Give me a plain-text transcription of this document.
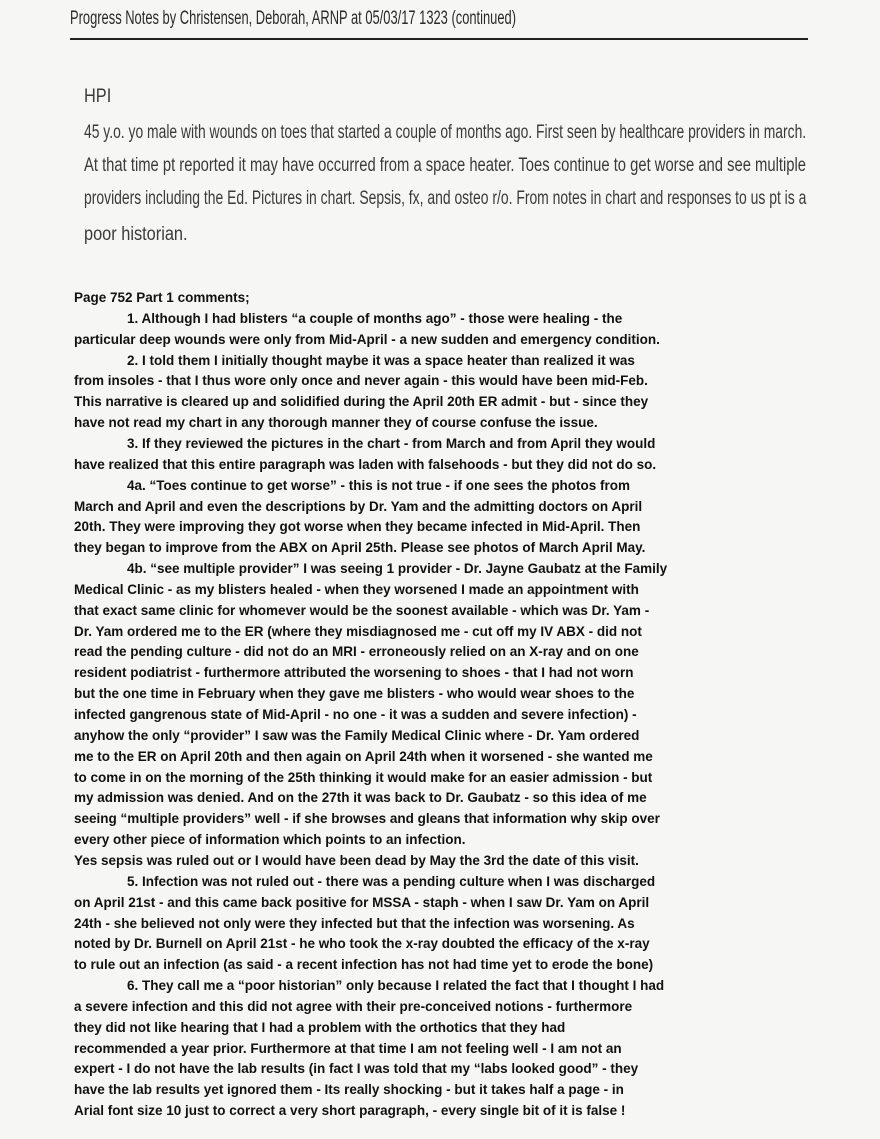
Progress Notes by Christensen, Deborah, ARNP at 05/03/17 1323 (continued)
HPI
45 y.o. yo male with wounds on toes that started a couple of months ago. First seen by healthcare providers in march.
At that time pt reported it may have occurred from a space heater. Toes continue to get worse and see multiple
providers including the Ed. Pictures in chart. Sepsis, fx, and osteo r/o. From notes in chart and responses to us pt is a
poor historian.
Page 752 Part 1 comments;
1. Although I had blisters “a couple of months ago” - those were healing - the
particular deep wounds were only from Mid-April - a new sudden and emergency condition.
2. I told them I initially thought maybe it was a space heater than realized it was
from insoles - that I thus wore only once and never again - this would have been mid-Feb.
This narrative is cleared up and solidified during the April 20th ER admit - but - since they
have not read my chart in any thorough manner they of course confuse the issue.
3. If they reviewed the pictures in the chart - from March and from April they would
have realized that this entire paragraph was laden with falsehoods - but they did not do so.
4a. “Toes continue to get worse” - this is not true - if one sees the photos from
March and April and even the descriptions by Dr. Yam and the admitting doctors on April
20th. They were improving they got worse when they became infected in Mid-April. Then
they began to improve from the ABX on April 25th. Please see photos of March April May.
4b. “see multiple provider” I was seeing 1 provider - Dr. Jayne Gaubatz at the Family
Medical Clinic - as my blisters healed - when they worsened I made an appointment with
that exact same clinic for whomever would be the soonest available - which was Dr. Yam -
Dr. Yam ordered me to the ER (where they misdiagnosed me - cut off my IV ABX - did not
read the pending culture - did not do an MRI - erroneously relied on an X-ray and on one
resident podiatrist - furthermore attributed the worsening to shoes - that I had not worn
but the one time in February when they gave me blisters - who would wear shoes to the
infected gangrenous state of Mid-April - no one - it was a sudden and severe infection) -
anyhow the only “provider” I saw was the Family Medical Clinic where - Dr. Yam ordered
me to the ER on April 20th and then again on April 24th when it worsened - she wanted me
to come in on the morning of the 25th thinking it would make for an easier admission - but
my admission was denied. And on the 27th it was back to Dr. Gaubatz - so this idea of me
seeing “multiple providers” well - if she browses and gleans that information why skip over
every other piece of information which points to an infection.
Yes sepsis was ruled out or I would have been dead by May the 3rd the date of this visit.
5. Infection was not ruled out - there was a pending culture when I was discharged
on April 21st - and this came back positive for MSSA - staph - when I saw Dr. Yam on April
24th - she believed not only were they infected but that the infection was worsening. As
noted by Dr. Burnell on April 21st - he who took the x-ray doubted the efficacy of the x-ray
to rule out an infection (as said - a recent infection has not had time yet to erode the bone)
6. They call me a “poor historian” only because I related the fact that I thought I had
a severe infection and this did not agree with their pre-conceived notions - furthermore
they did not like hearing that I had a problem with the orthotics that they had
recommended a year prior. Furthermore at that time I am not feeling well - I am not an
expert - I do not have the lab results (in fact I was told that my “labs looked good” - they
have the lab results yet ignored them - Its really shocking - but it takes half a page - in
Arial font size 10 just to correct a very short paragraph, - every single bit of it is false !
